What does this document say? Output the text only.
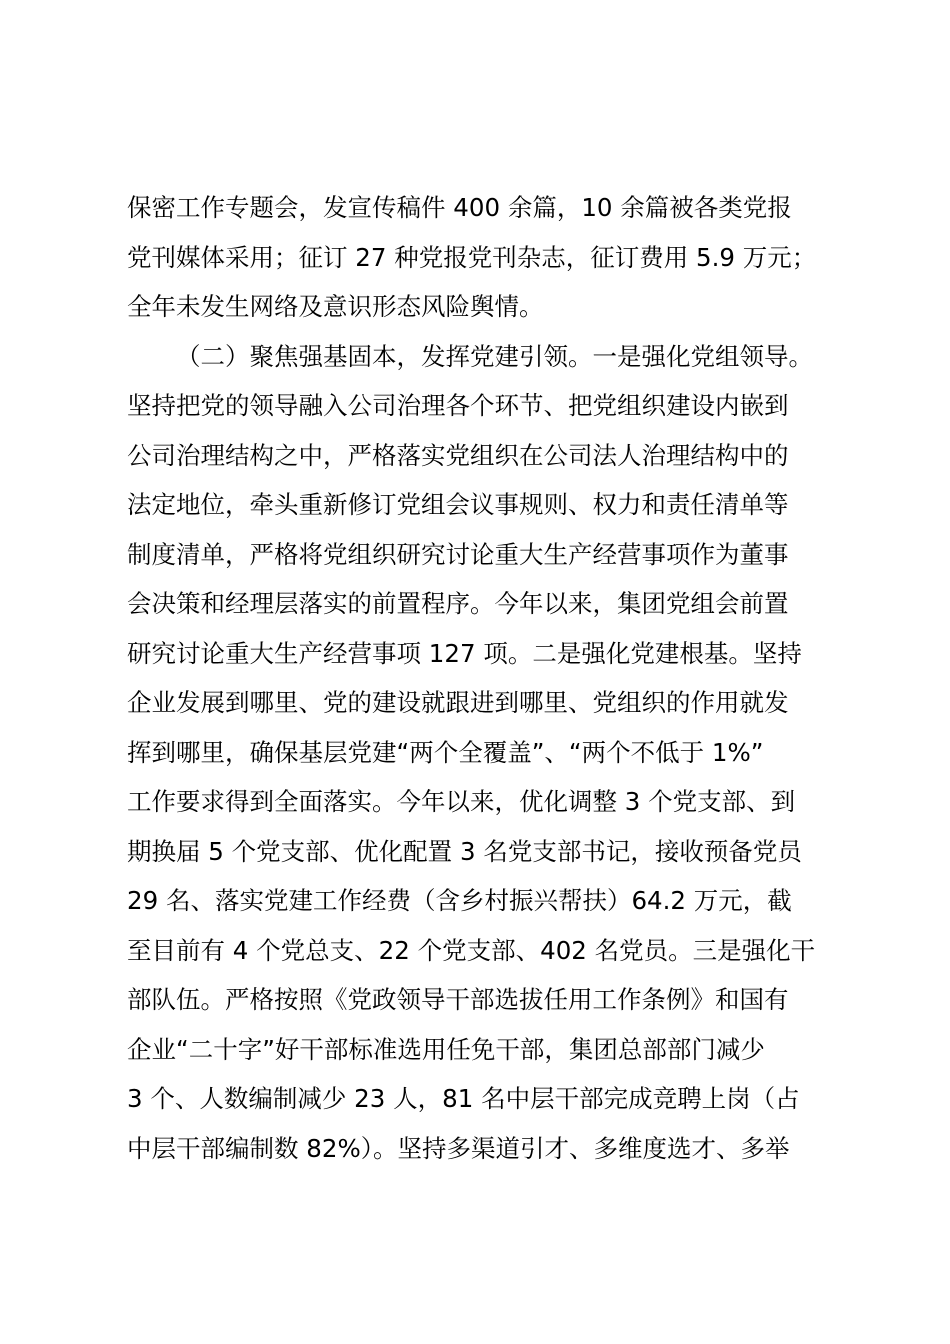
保密工作专题会，发宣传稿件 400 余篇，10 余篇被各类党报
党刊媒体采用；征订 27 种党报党刊杂志，征订费用 5.9 万元；
全年未发生网络及意识形态风险舆情。
（二）聚焦强基固本，发挥党建引领。一是强化党组领导。
坚持把党的领导融入公司治理各个环节、把党组织建设内嵌到
公司治理结构之中，严格落实党组织在公司法人治理结构中的
法定地位，牵头重新修订党组会议事规则、权力和责任清单等
制度清单，严格将党组织研究讨论重大生产经营事项作为董事
会决策和经理层落实的前置程序。今年以来，集团党组会前置
研究讨论重大生产经营事项 127 项。二是强化党建根基。坚持
企业发展到哪里、党的建设就跟进到哪里、党组织的作用就发
挥到哪里，确保基层党建“两个全覆盖”、“两个不低于 1%”
工作要求得到全面落实。今年以来，优化调整 3 个党支部、到
期换届 5 个党支部、优化配置 3 名党支部书记，接收预备党员
29 名、落实党建工作经费（含乡村振兴帮扶）64.2 万元，截
至目前有 4 个党总支、22 个党支部、402 名党员。三是强化干
部队伍。严格按照《党政领导干部选拔任用工作条例》和国有
企业“二十字”好干部标准选用任免干部，集团总部部门减少
3 个、人数编制减少 23 人，81 名中层干部完成竞聘上岗（占
中层干部编制数 82%）。坚持多渠道引才、多维度选才、多举
